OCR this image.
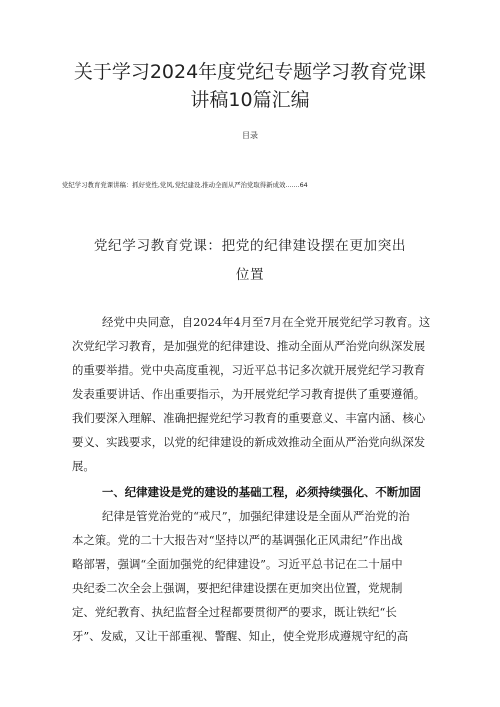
关于学习2024年度党纪专题学习教育党课
讲稿10篇汇编
目录
党纪学习教育党课讲稿：抓好党性,党风,党纪建设,推动全面从严治党取得新成效.......64
党纪学习教育党课：把党的纪律建设摆在更加突出
位置
经党中央同意，自2024年4月至7月在全党开展党纪学习教育。这
次党纪学习教育，是加强党的纪律建设、推动全面从严治党向纵深发展
的重要举措。党中央高度重视，习近平总书记多次就开展党纪学习教育
发表重要讲话、作出重要指示，为开展党纪学习教育提供了重要遵循。
我们要深入理解、准确把握党纪学习教育的重要意义、丰富内涵、核心
要义、实践要求，以党的纪律建设的新成效推动全面从严治党向纵深发
展。
一、纪律建设是党的建设的基础工程，必须持续强化、不断加固
纪律是管党治党的“戒尺”，加强纪律建设是全面从严治党的治
本之策。党的二十大报告对“坚持以严的基调强化正风肃纪”作出战
略部署，强调“全面加强党的纪律建设”。习近平总书记在二十届中
央纪委二次全会上强调，要把纪律建设摆在更加突出位置，党规制
定、党纪教育、执纪监督全过程都要贯彻严的要求，既让铁纪“长
牙”、发威，又让干部重视、警醒、知止，使全党形成遵规守纪的高
